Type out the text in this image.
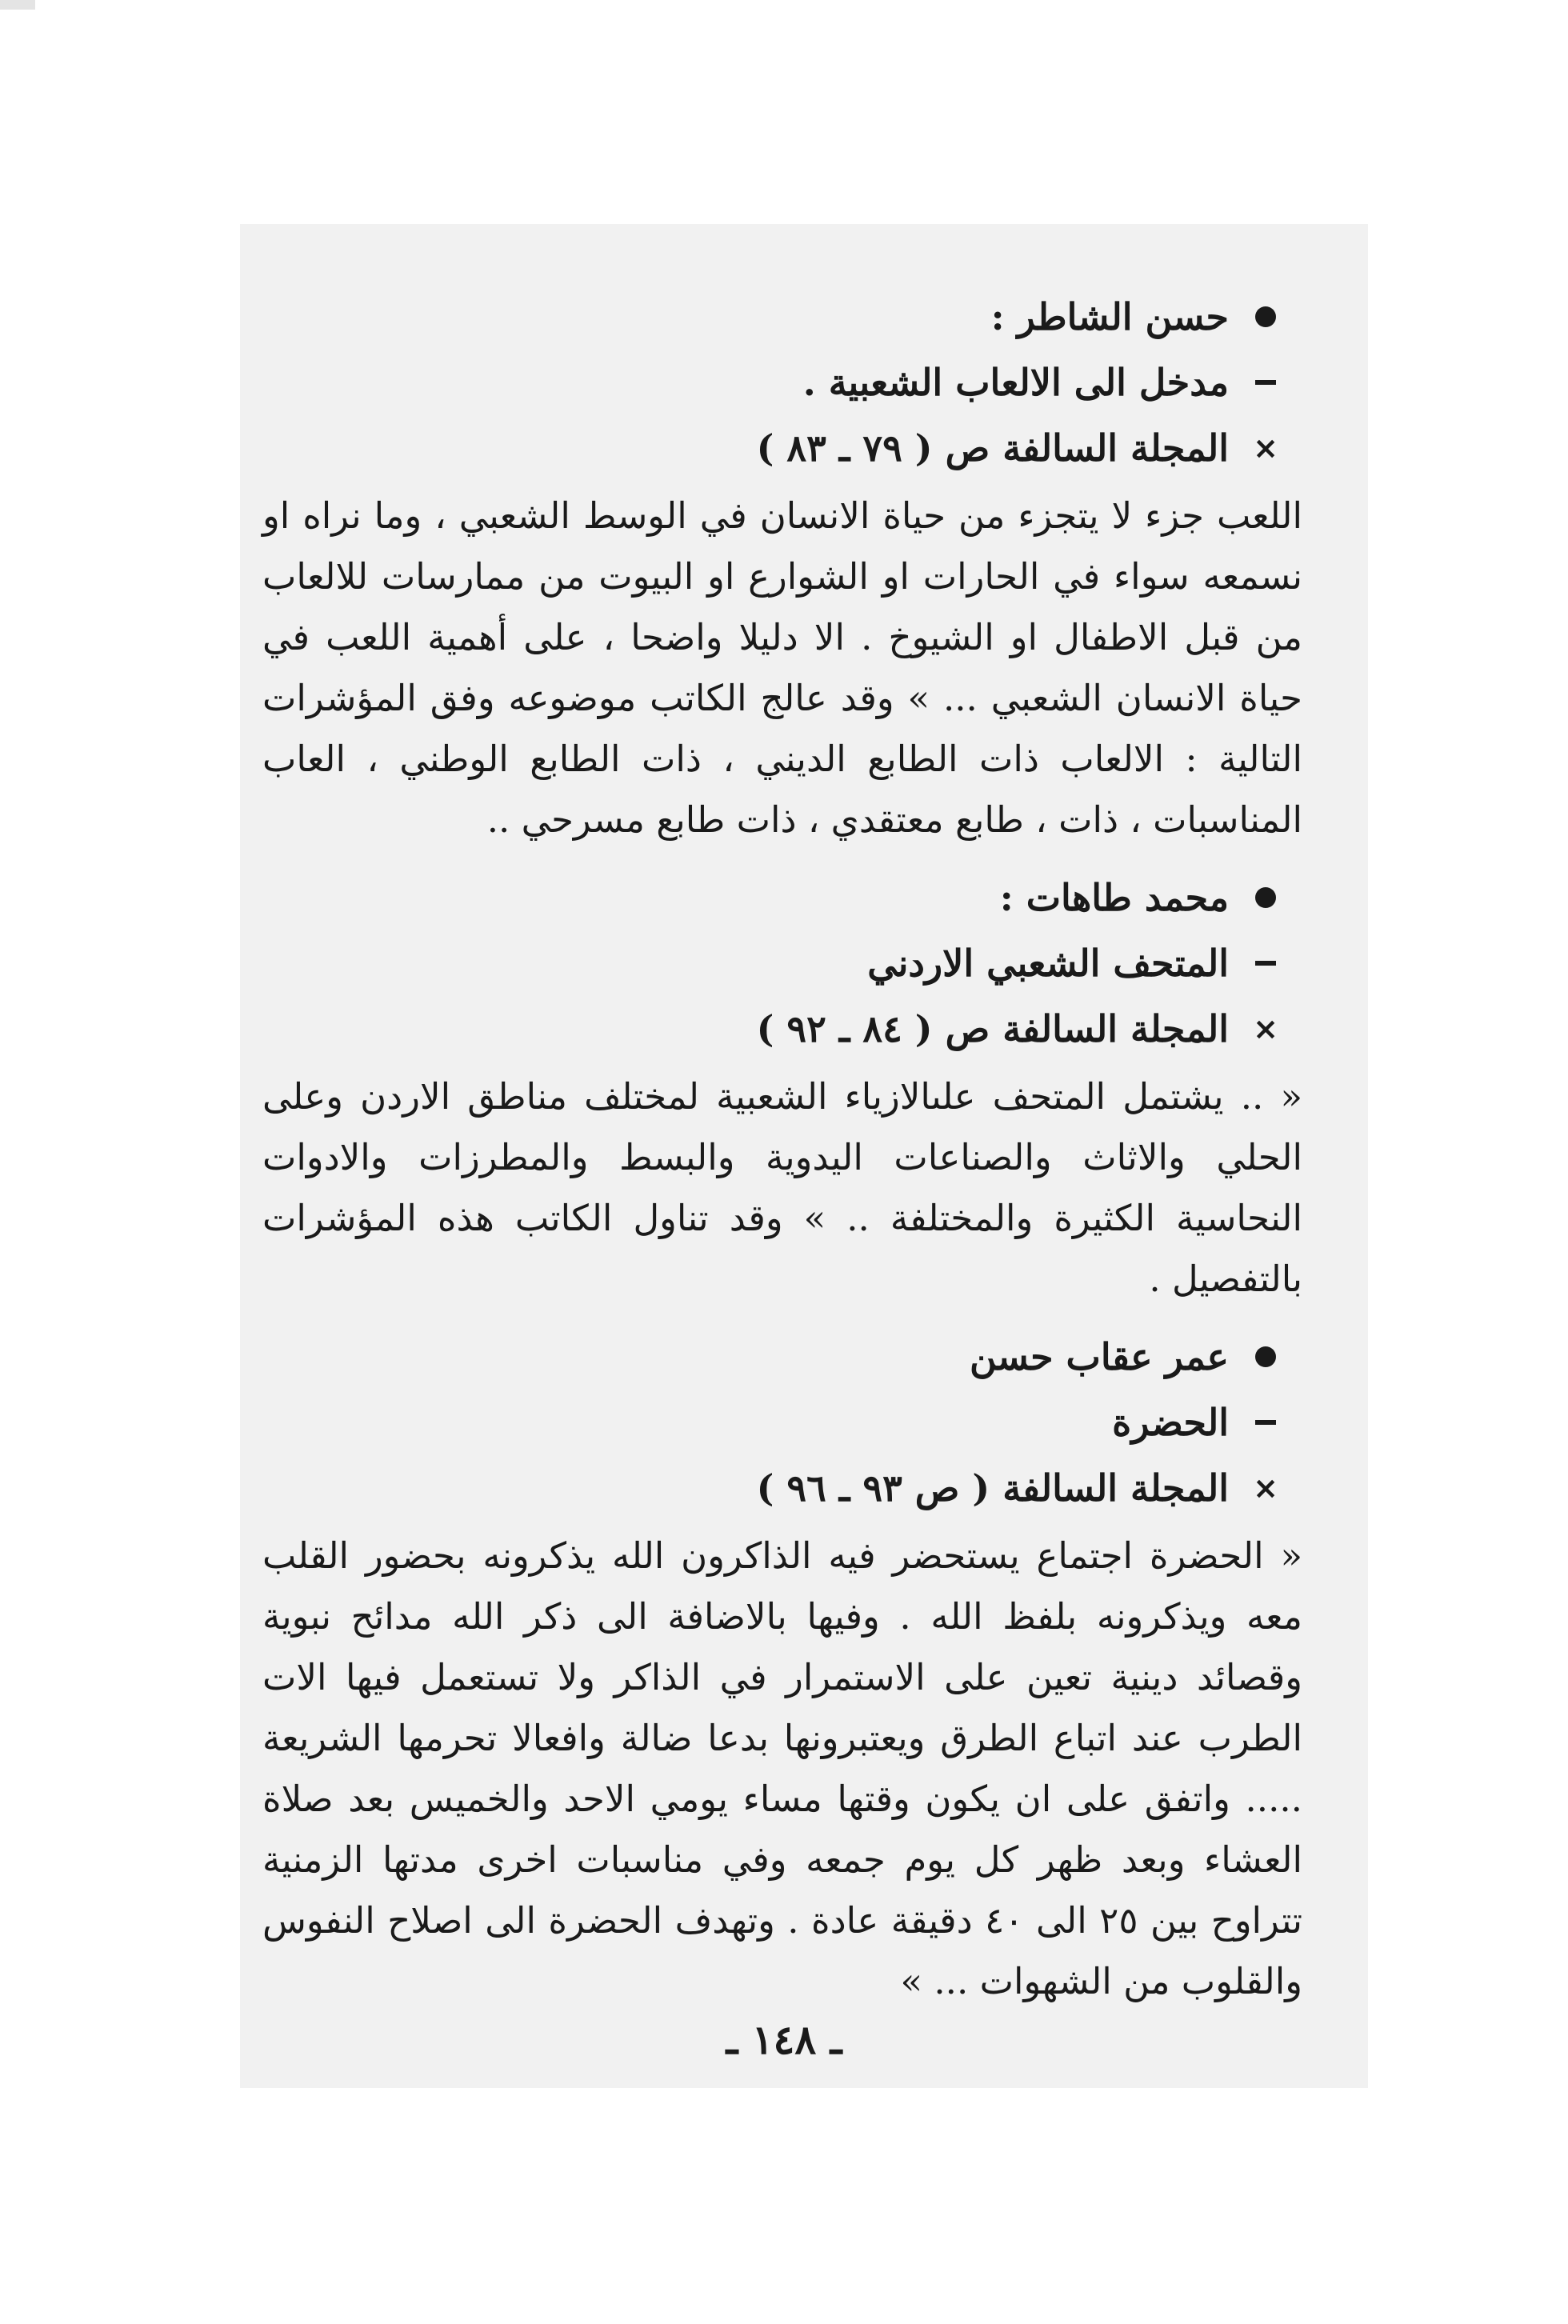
حسن الشاطر :
مدخل الى الالعاب الشعبية .
×
المجلة السالفة ص ( ٧٩ ـ ٨٣ )

اللعب جزء لا يتجزء من حياة الانسان في الوسط الشعبي ، وما نراه او نسمعه سواء في الحارات او الشوارع او البيوت من ممارسات للالعاب من قبل الاطفال او الشيوخ . الا دليلا واضحا ، على أهمية اللعب في حياة الانسان الشعبي ... » وقد عالج الكاتب موضوعه وفق المؤشرات التالية : الالعاب ذات الطابع الديني ، ذات الطابع الوطني ، العاب المناسبات ، ذات ، طابع معتقدي ، ذات طابع مسرحي ..

محمد طاهات :
المتحف الشعبي الاردني
×
المجلة السالفة ص ( ٨٤ ـ ٩٢ )

« .. يشتمل المتحف علىالازياء الشعبية لمختلف مناطق الاردن وعلى الحلي والاثاث والصناعات اليدوية والبسط والمطرزات والادوات النحاسية الكثيرة والمختلفة .. » وقد تناول الكاتب هذه المؤشرات بالتفصيل .

عمر عقاب حسن
الحضرة
×
المجلة السالفة ( ص ٩٣ ـ ٩٦ )

« الحضرة اجتماع يستحضر فيه الذاكرون الله يذكرونه بحضور القلب معه ويذكرونه بلفظ الله . وفيها بالاضافة الى ذكر الله مدائح نبوية وقصائد دينية تعين على الاستمرار في الذاكر ولا تستعمل فيها الات الطرب عند اتباع الطرق ويعتبرونها بدعا ضالة وافعالا تحرمها الشريعة ..... واتفق على ان يكون وقتها مساء يومي الاحد والخميس بعد صلاة العشاء وبعد ظهر كل يوم جمعه وفي مناسبات اخرى مدتها الزمنية تتراوح بين ٢٥ الى ٤٠ دقيقة عادة . وتهدف الحضرة الى اصلاح النفوس والقلوب من الشهوات ... »

ـ ١٤٨ ـ
